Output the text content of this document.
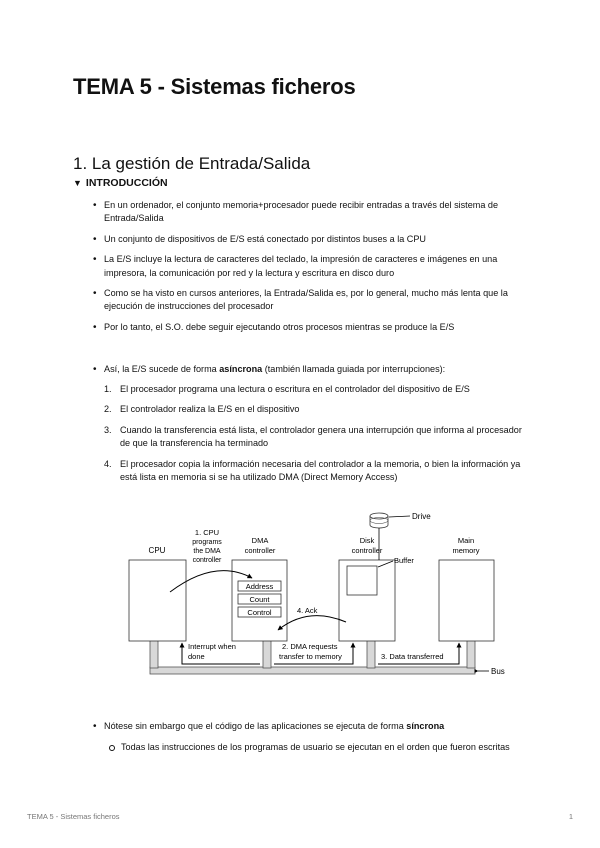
TEMA 5 - Sistemas ficheros
1. La gestión de Entrada/Salida
▼ INTRODUCCIÓN
• En un ordenador, el conjunto memoria+procesador puede recibir entradas a través del sistema de Entrada/Salida
• Un conjunto de dispositivos de E/S está conectado por distintos buses a la CPU
• La E/S incluye la lectura de caracteres del teclado, la impresión de caracteres e imágenes en una impresora, la comunicación por red y la lectura y escritura en disco duro
• Como se ha visto en cursos anteriores, la Entrada/Salida es, por lo general, mucho más lenta que la ejecución de instrucciones del procesador
• Por lo tanto, el S.O. debe seguir ejecutando otros procesos mientras se produce la E/S
• Así, la E/S sucede de forma asíncrona (también llamada guiada por interrupciones):
1. El procesador programa una lectura o escritura en el controlador del dispositivo de E/S
2. El controlador realiza la E/S en el dispositivo
3. Cuando la transferencia está lista, el controlador genera una interrupción que informa al procesador de que la transferencia ha terminado
4. El procesador copia la información necesaria del controlador a la memoria, o bien la información ya está lista en memoria si se ha utilizado DMA (Direct Memory Access)
Bus
CPU
DMA
controller
Disk
controller
Main
memory
Address
Count
Control
Buffer
Drive
1. CPU
programs
the DMA
controller
4. Ack
2. DMA requests
transfer to memory	3. Data transferred
Interrupt when
done
• Nótese sin embargo que el código de las aplicaciones se ejecuta de forma síncrona
Todas las instrucciones de los programas de usuario se ejecutan en el orden que fueron escritas
TEMA 5 - Sistemas ficheros	1
